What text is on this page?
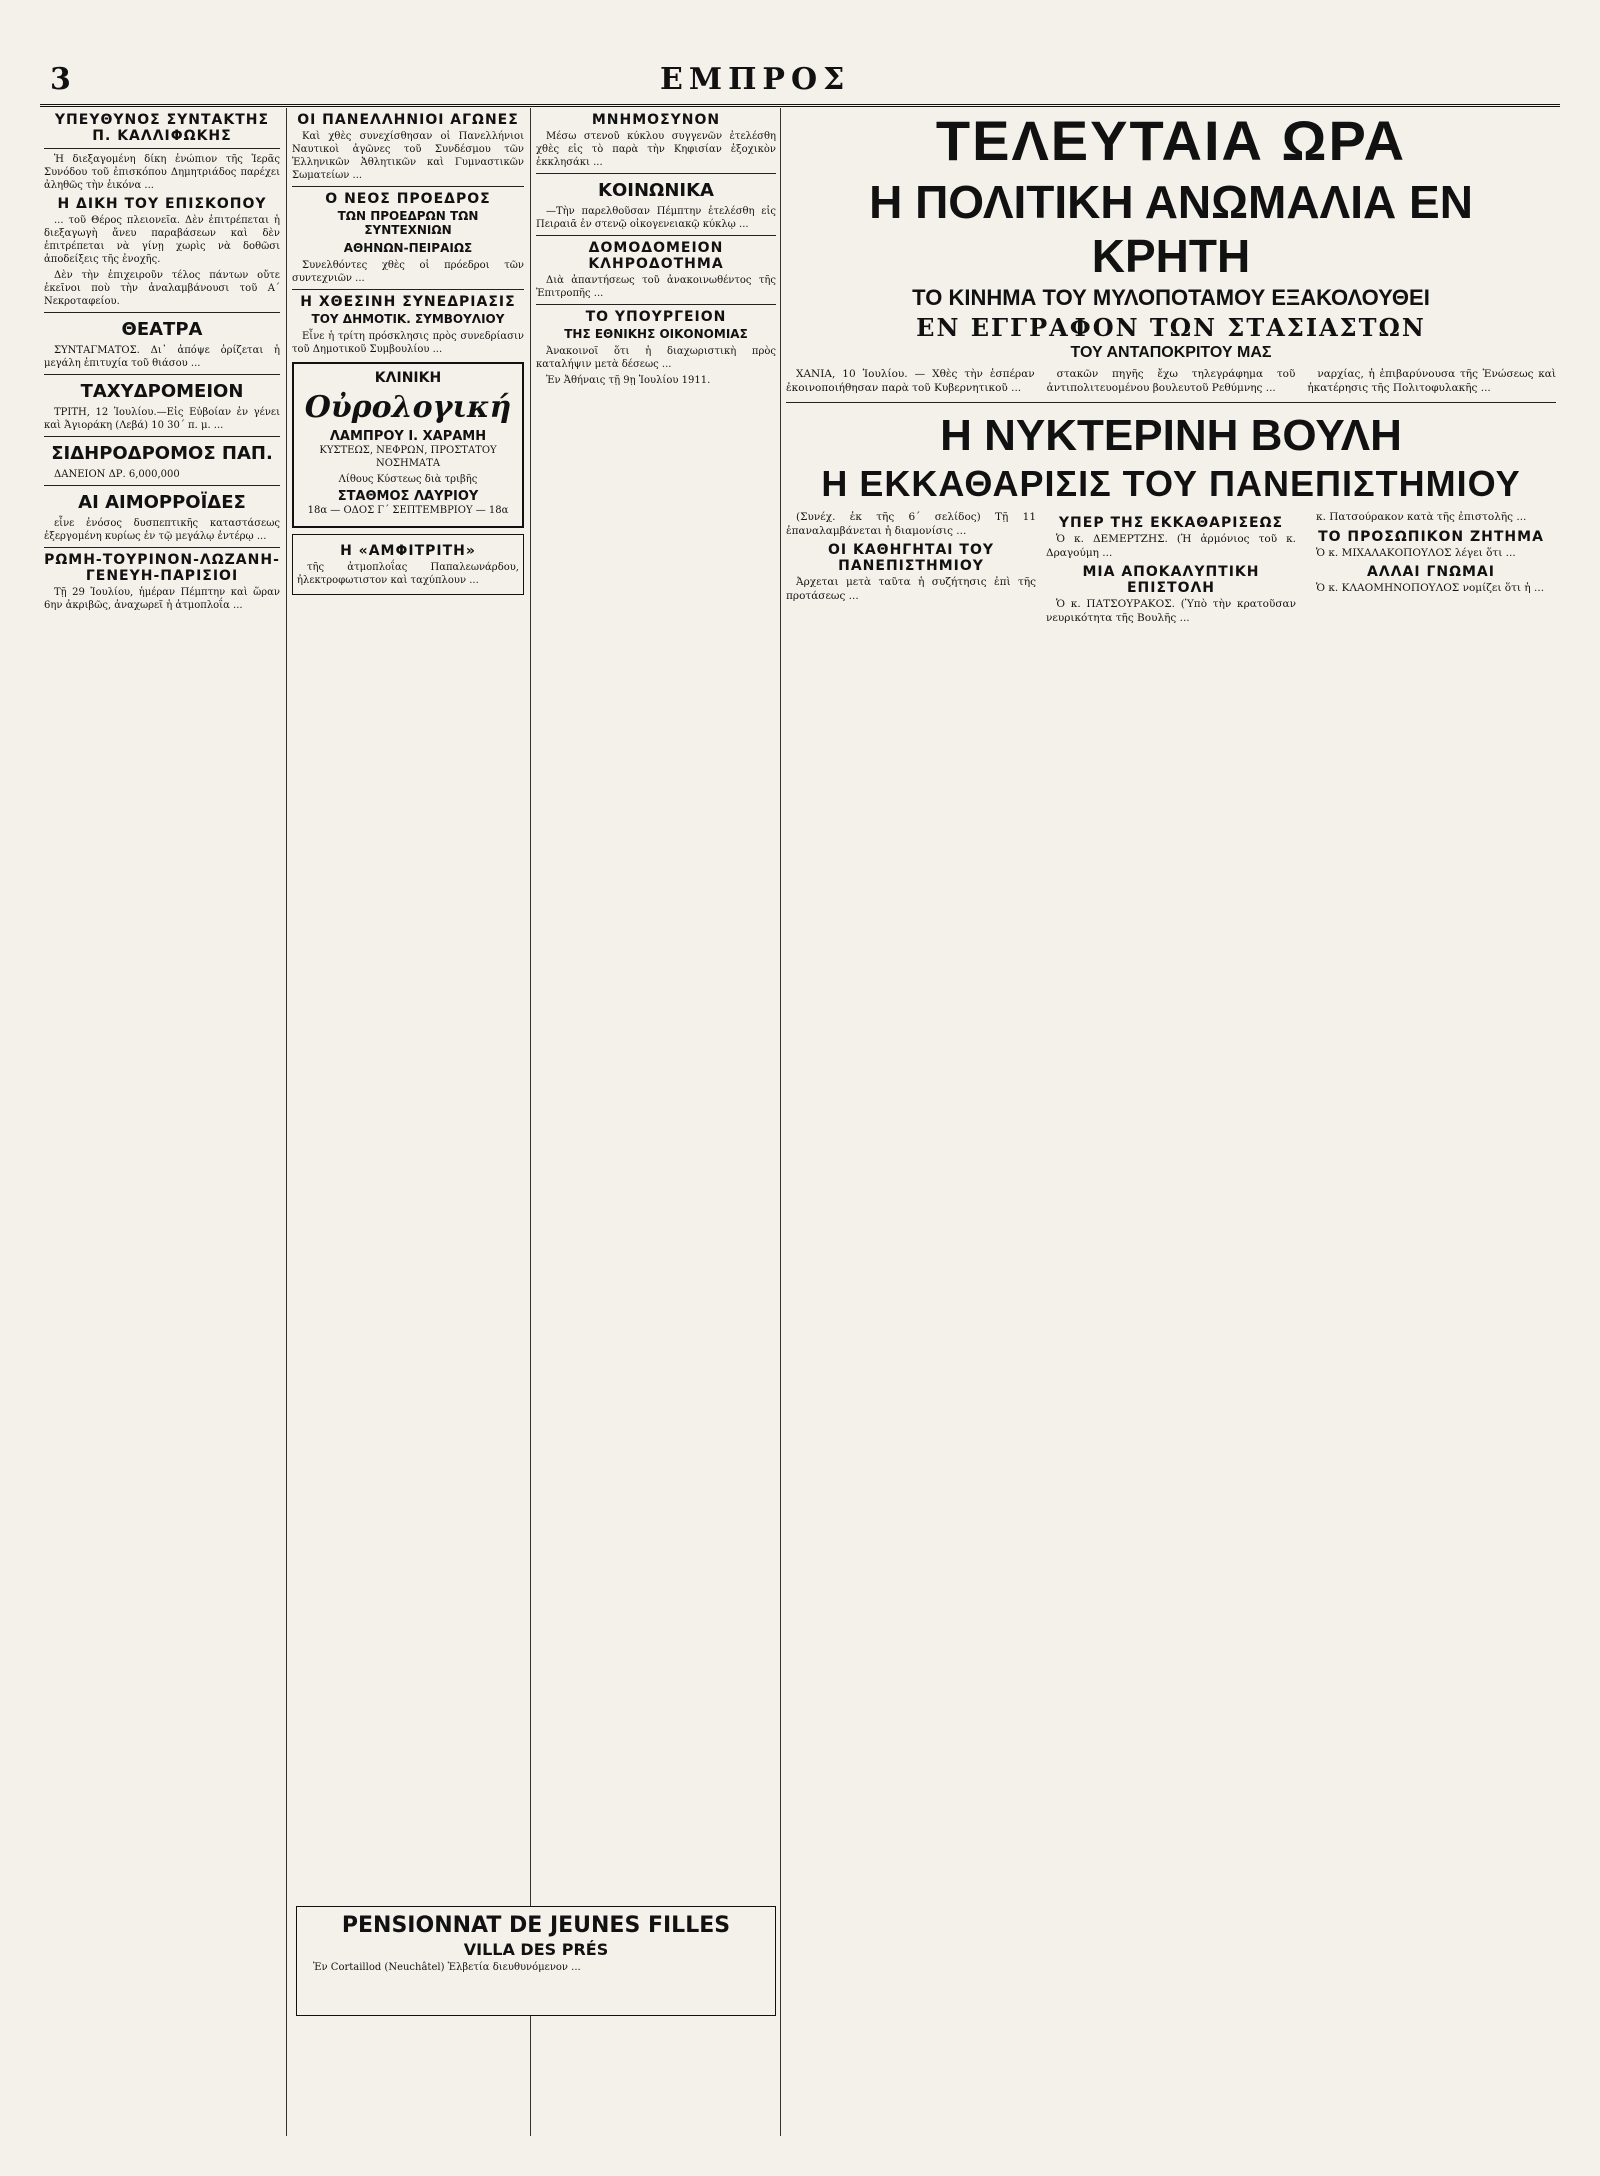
3	ΕΜΠΡΟΣ
ΥΠΕΥΘΥΝΟΣ ΣΥΝΤΑΚΤΗΣ Π. ΚΑΛΛΙΦΩΚΗΣ

Ἡ διεξαγομένη δίκη ἐνώπιον τῆς Ἱερᾶς Συνόδου τοῦ ἐπισκόπου Δημητριάδος παρέχει ἀληθῶς τὴν ἐικόνα ...

Η ΔΙΚΗ ΤΟΥ ΕΠΙΣΚΟΠΟΥ

... τοῦ Θέρος πλειονεῖα. Δὲν ἐπιτρέπεται ἡ διεξαγωγὴ ἄνευ παραβάσεων καὶ δὲν ἐπιτρέπεται νὰ γίνῃ χωρὶς νὰ δοθῶσι ἀποδείξεις τῆς ἐνοχῆς.

Δὲν τὴν ἐπιχειροῦν τέλος πάντων οὔτε ἐκεῖνοι ποὺ τὴν ἀναλαμβάνουσι τοῦ Α΄ Νεκροταφείου.

ΘΕΑΤΡΑ

ΣΥΝΤΑΓΜΑΤΟΣ. Δι᾽ ἀπόψε ὁρίζεται ἡ μεγάλη ἐπιτυχία τοῦ θιάσου ...

ΤΑΧΥΔΡΟΜΕΙΟΝ

ΤΡΙΤΗ, 12 Ἰουλίου.—Εἰς Εὐβοίαν ἐν γένει καὶ Ἀγιοράκη (Λεβά) 10 30΄ π. μ. ...

ΣΙΔΗΡΟΔΡΟΜΟΣ ΠΑΠ.

ΔΑΝΕΙΟΝ ΔΡ. 6,000,000

ΑΙ ΑΙΜΟΡΡΟΪΔΕΣ

εἶνε ἐνόσος δυσπεπτικῆς καταστάσεως ἐξεργομένη κυρίως ἐν τῷ μεγάλῳ ἐντέρῳ ...

ΡΩΜΗ-ΤΟΥΡΙΝΟΝ-ΛΩΖΑΝΗ-ΓΕΝΕΥΗ-ΠΑΡΙΣΙΟΙ

Τῇ 29 Ἰουλίου, ἡμέραν Πέμπτην καὶ ὥραν 6ην ἀκριβῶς, ἀναχωρεῖ ἡ ἀτμοπλοΐα ...

ΟΙ ΠΑΝΕΛΛΗΝΙΟΙ ΑΓΩΝΕΣ

Καὶ χθὲς συνεχίσθησαν οἱ Πανελλήνιοι Ναυτικοὶ ἀγῶνες τοῦ Συνδέσμου τῶν Ἑλληνικῶν Ἀθλητικῶν καὶ Γυμναστικῶν Σωματείων ...

Ο ΝΕΟΣ ΠΡΟΕΔΡΟΣ
ΤΩΝ ΠΡΟΕΔΡΩΝ ΤΩΝ ΣΥΝΤΕΧΝΙΩΝ
ΑΘΗΝΩΝ-ΠΕΙΡΑΙΩΣ

Συνελθόντες χθὲς οἱ πρόεδροι τῶν συντεχνιῶν ...

Η ΧΘΕΣΙΝΗ ΣΥΝΕΔΡΙΑΣΙΣ
ΤΟΥ ΔΗΜΟΤΙΚ. ΣΥΜΒΟΥΛΙΟΥ

Εἶνε ἡ τρίτη πρόσκλησις πρὸς συνεδρίασιν τοῦ Δημοτικοῦ Συμβουλίου ...

ΚΛΙΝΙΚΗ
Οὐρολογική
ΛΑΜΠΡΟΥ Ι. ΧΑΡΑΜΗ

ΚΥΣΤΕΩΣ, ΝΕΦΡΩΝ, ΠΡΟΣΤΑΤΟΥ ΝΟΣΗΜΑΤΑ

Λίθους Κύστεως διὰ τριβῆς

ΣΤΑΘΜΟΣ ΛΑΥΡΙΟΥ

18α — ΟΔΟΣ Γ΄ ΣΕΠΤΕΜΒΡΙΟΥ — 18α

Η «ΑΜΦΙΤΡΙΤΗ»

τῆς ἀτμοπλοΐας Παπαλεωνάρδου, ἠλεκτροφωτιστον καὶ ταχύπλουν ...

ΜΝΗΜΟΣΥΝΟΝ

Μέσω στενοῦ κύκλου συγγενῶν ἐτελέσθη χθὲς εἰς τὸ παρὰ τὴν Κηφισίαν ἐξοχικὸν ἐκκλησάκι ...

ΚΟΙΝΩΝΙΚΑ

—Τὴν παρελθοῦσαν Πέμπτην ἐτελέσθη εἰς Πειραιᾶ ἐν στενῷ οἰκογενειακῷ κύκλῳ ...

ΔΟΜΟΔΟΜΕΙΟΝ ΚΛΗΡΟΔΟΤΗΜΑ

Διὰ ἀπαντήσεως τοῦ ἀνακοινωθέντος τῆς Ἐπιτροπῆς ...

ΤΟ ΥΠΟΥΡΓΕΙΟΝ
ΤΗΣ ΕΘΝΙΚΗΣ ΟΙΚΟΝΟΜΙΑΣ

Ἀνακοινοῖ ὅτι ἡ διαχωριστικὴ πρὸς καταλήψιν μετὰ δέσεως ...

Ἐν Ἀθήναις τῇ 9ῃ Ἰουλίου 1911.

ΤΕΛΕΥΤΑΙΑ ΩΡΑ
Η ΠΟΛΙΤΙΚΗ ΑΝΩΜΑΛΙΑ ΕΝ ΚΡΗΤΗ
ΤΟ ΚΙΝΗΜΑ ΤΟΥ ΜΥΛΟΠΟΤΑΜΟΥ ΕΞΑΚΟΛΟΥΘΕΙ
ΕΝ ΕΓΓΡΑΦΟΝ ΤΩΝ ΣΤΑΣΙΑΣΤΩΝ
ΤΟΥ ΑΝΤΑΠΟΚΡΙΤΟΥ ΜΑΣ

ΧΑΝΙΑ, 10 Ἰουλίου. — Χθὲς τὴν ἑσπέραν ἐκοινοποιήθησαν παρὰ τοῦ Κυβερνητικοῦ ...

στακῶν πηγῆς ἔχω τηλεγράφημα τοῦ ἀντιπολιτευομένου βουλευτοῦ Ρεθύμνης ...

ναρχίας, ἡ ἐπιβαρύνουσα τῆς Ἑνώσεως καὶ ἠκατέρησις τῆς Πολιτοφυλακῆς ...

Η ΝΥΚΤΕΡΙΝΗ ΒΟΥΛΗ
Η ΕΚΚΑΘΑΡΙΣΙΣ ΤΟΥ ΠΑΝΕΠΙΣΤΗΜΙΟΥ

(Συνέχ. ἐκ τῆς 6΄ σελίδος) Τῇ 11 ἐπαναλαμβάνεται ἡ διαμονίσις ...

ΟΙ ΚΑΘΗΓΗΤΑΙ ΤΟΥ ΠΑΝΕΠΙΣΤΗΜΙΟΥ

Ἀρχεται μετὰ ταῦτα ἡ συζήτησις ἐπὶ τῆς προτάσεως ...

ΥΠΕΡ ΤΗΣ ΕΚΚΑΘΑΡΙΣΕΩΣ

Ὁ κ. ΔΕΜΕΡΤΖΗΣ. (Ἡ ἀρμόνιος τοῦ κ. Δραγούμη ...

ΜΙΑ ΑΠΟΚΑΛΥΠΤΙΚΗ ΕΠΙΣΤΟΛΗ

Ὁ κ. ΠΑΤΣΟΥΡΑΚΟΣ. (Ὑπὸ τὴν κρατοῦσαν νευρικότητα τῆς Βουλῆς ...

κ. Πατσούρακον κατὰ τῆς ἐπιστολῆς ...

ΤΟ ΠΡΟΣΩΠΙΚΟΝ ΖΗΤΗΜΑ

Ὁ κ. ΜΙΧΑΛΑΚΟΠΟΥΛΟΣ λέγει ὅτι ...

ΑΛΛΑΙ ΓΝΩΜΑΙ

Ὁ κ. ΚΛΑΟΜΗΝΟΠΟΥΛΟΣ νομίζει ὅτι ἡ ...

PENSIONNAT DE JEUNES FILLES
VILLA DES PRÉS

Ἐν Cortaillod (Neuchâtel) Ἑλβετία διευθυνόμενον ...
